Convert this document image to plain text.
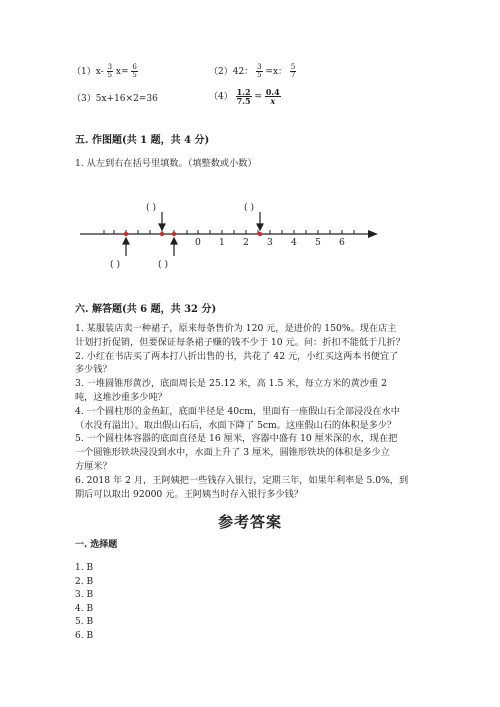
$(1)x- \frac{3}{5} x= \frac{6}{5}$	（2）42： $\frac{3}{5} =x$： $\frac{5}{7}$
（3）5x+16×2=36	$(4) \frac{1.2}{7.5} = \frac{0.4}{x}$
五. 作图题(共 1 题，共 4 分)
1. 从左到右在括号里填数。（填整数或小数）
( )	( )
( )	( )
0 1 2 3 4 5 6
六. 解答题(共 6 题，共 32 分)
1. 某服装店卖一种裙子，原来每条售价为 120 元，是进价的 150%。现在店主
计划打折促销，但要保证每条裙子赚的钱不少于 10 元。问：折扣不能低于几折？
2. 小红在书店买了两本打八折出售的书，共花了 42 元，小红买这两本书便宜了
多少钱？
3. 一堆圆锥形黄沙，底面周长是 25.12 米，高 1.5 米，每立方米的黄沙重 2
吨，这堆沙重多少吨？
4. 一个圆柱形的金鱼缸，底面半径是 40cm，里面有一座假山石全部浸没在水中
（水没有溢出）。取出假山石后，水面下降了 5cm。这座假山石的体积是多少？
5. 一个圆柱体容器的底面直径是 16 厘米，容器中盛有 10 厘米深的水，现在把
一个圆锥形铁块浸没到水中，水面上升了 3 厘米，圆锥形铁块的体积是多少立
方厘米？
6. 2018 年 2 月，王阿姨把一些钱存入银行，定期三年，如果年利率是 5.0%，到
期后可以取出 92000 元。王阿姨当时存入银行多少钱？
参考答案
一. 选择题
1. B
2. B
3. B
4. B
5. B
6. B
